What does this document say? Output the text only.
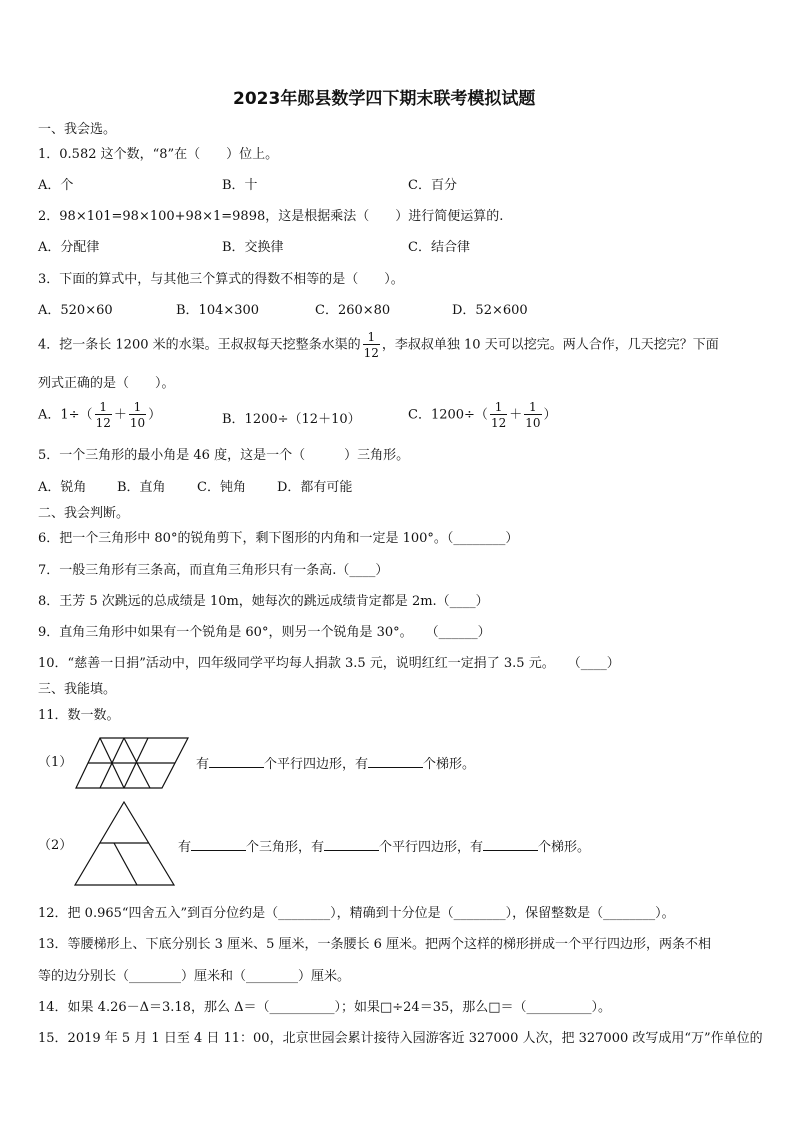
2023年郧县数学四下期末联考模拟试题
一、我会选。
1．0.582 这个数，“8”在（　　）位上。
A．个	B．十	C．百分
2．98×101=98×100+98×1=9898，这是根据乘法（　　）进行简便运算的.
A．分配律	B．交换律	C．结合律
3．下面的算式中，与其他三个算式的得数不相等的是（　　）。
A．520×60	B．104×300	C．260×80	D．52×600
4．挖一条长 1200 米的水渠。王叔叔每天挖整条水渠的 $\frac{1}{12}$ ，李叔叔单独 10 天可以挖完。两人合作，几天挖完？下面
列式正确的是（　　）。
A．$1\div( \frac{1}{12} + \frac{1}{10}$ ）	B．1200÷（12＋10）	C．$1200\div( \frac{1}{12} + \frac{1}{10}$ ）
5．一个三角形的最小角是 46 度，这是一个（　　　）三角形。
A．锐角 B．直角 C．钝角 D．都有可能
二、我会判断。
6．把一个三角形中 80°的锐角剪下，剩下图形的内角和一定是 100°。（________）
7．一般三角形有三条高，而直角三角形只有一条高.（____）
8．王芳 5 次跳远的总成绩是 10m，她每次的跳远成绩肯定都是 2m.（____）
9．直角三角形中如果有一个锐角是 60°，则另一个锐角是 30°。　　（______）
10．“慈善一日捐”活动中，四年级同学平均每人捐款 3.5 元，说明红红一定捐了 3.5 元。　　（____）
三、我能填。
11．数一数。
（1）	有	个平行四边形，有	个梯形。
（2）	有	个三角形，有	个平行四边形，有	个梯形。
12．把 0.965“四舍五入”到百分位约是（________），精确到十分位是（________），保留整数是（________）。
13．等腰梯形上、下底分别长 3 厘米、5 厘米，一条腰长 6 厘米。把两个这样的梯形拼成一个平行四边形，两条不相
等的边分别长（________）厘米和（________）厘米。
14．如果 4.26－Δ＝3.18，那么 Δ＝（__________）；如果□÷24＝35，那么□＝（__________）。
15．2019 年 5 月 1 日至 4 日 11：00，北京世园会累计接待入园游客近 327000 人次，把 327000 改写成用“万”作单位的
